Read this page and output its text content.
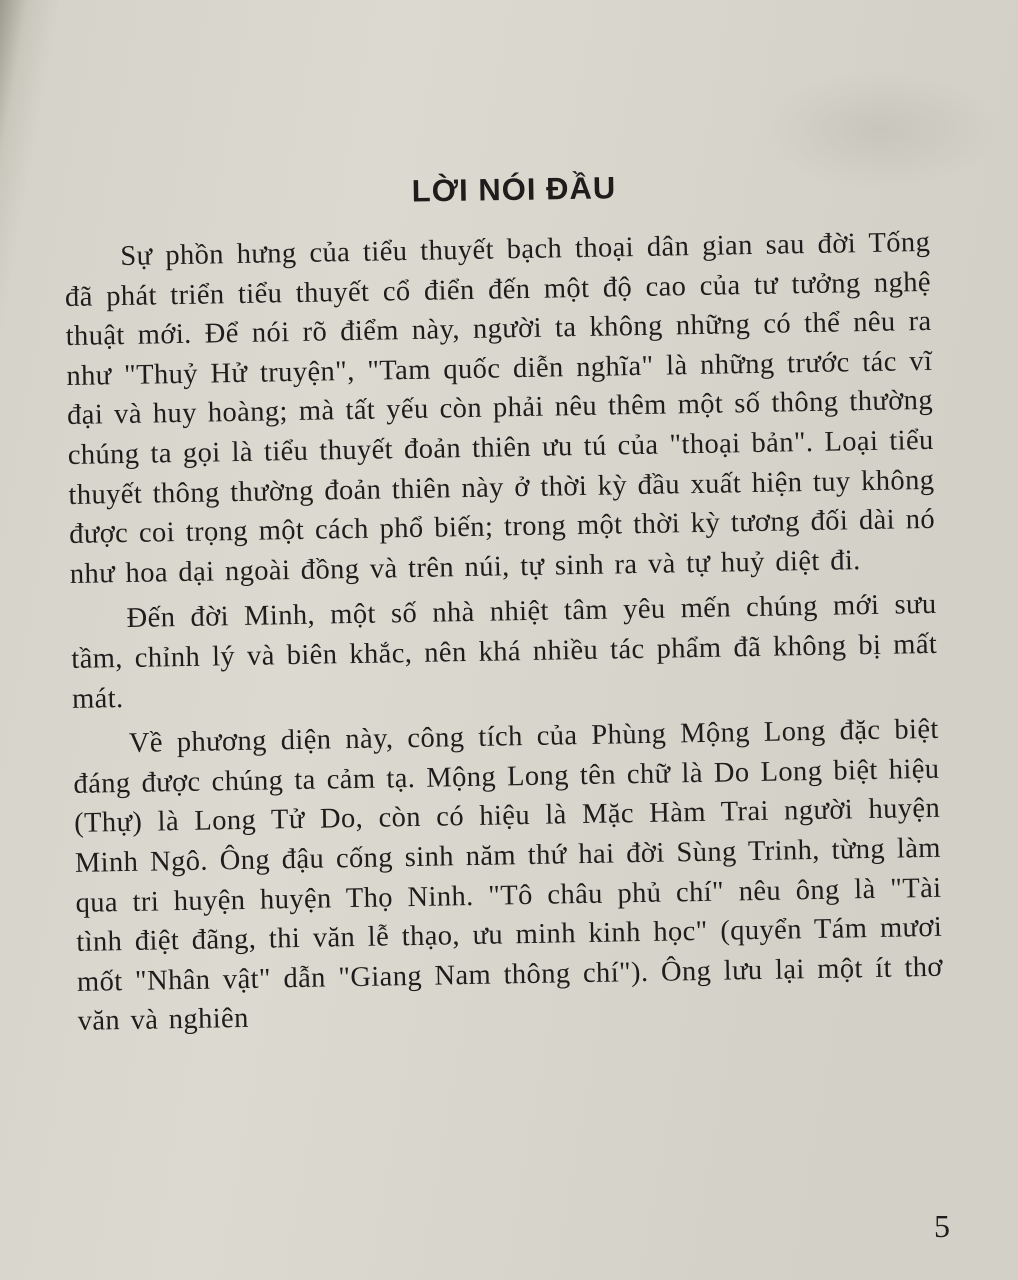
LỜI NÓI ĐẦU

Sự phồn hưng của tiểu thuyết bạch thoại dân gian sau đời Tống đã phát triển tiểu thuyết cổ điển đến một độ cao của tư tưởng nghệ thuật mới. Để nói rõ điểm này, người ta không những có thể nêu ra như "Thuỷ Hử truyện", "Tam quốc diễn nghĩa" là những trước tác vĩ đại và huy hoàng; mà tất yếu còn phải nêu thêm một số thông thường chúng ta gọi là tiểu thuyết đoản thiên ưu tú của "thoại bản". Loại tiểu thuyết thông thường đoản thiên này ở thời kỳ đầu xuất hiện tuy không được coi trọng một cách phổ biến; trong một thời kỳ tương đối dài nó như hoa dại ngoài đồng và trên núi, tự sinh ra và tự huỷ diệt đi.

Đến đời Minh, một số nhà nhiệt tâm yêu mến chúng mới sưu tầm, chỉnh lý và biên khắc, nên khá nhiều tác phẩm đã không bị mất mát.

Về phương diện này, công tích của Phùng Mộng Long đặc biệt đáng được chúng ta cảm tạ. Mộng Long tên chữ là Do Long biệt hiệu (Thự) là Long Tử Do, còn có hiệu là Mặc Hàm Trai người huyện Minh Ngô. Ông đậu cống sinh năm thứ hai đời Sùng Trinh, từng làm qua tri huyện huyện Thọ Ninh. "Tô châu phủ chí" nêu ông là "Tài tình điệt đãng, thi văn lễ thạo, ưu minh kinh học" (quyển Tám mươi mốt "Nhân vật" dẫn "Giang Nam thông chí"). Ông lưu lại một ít thơ văn và nghiên

5
